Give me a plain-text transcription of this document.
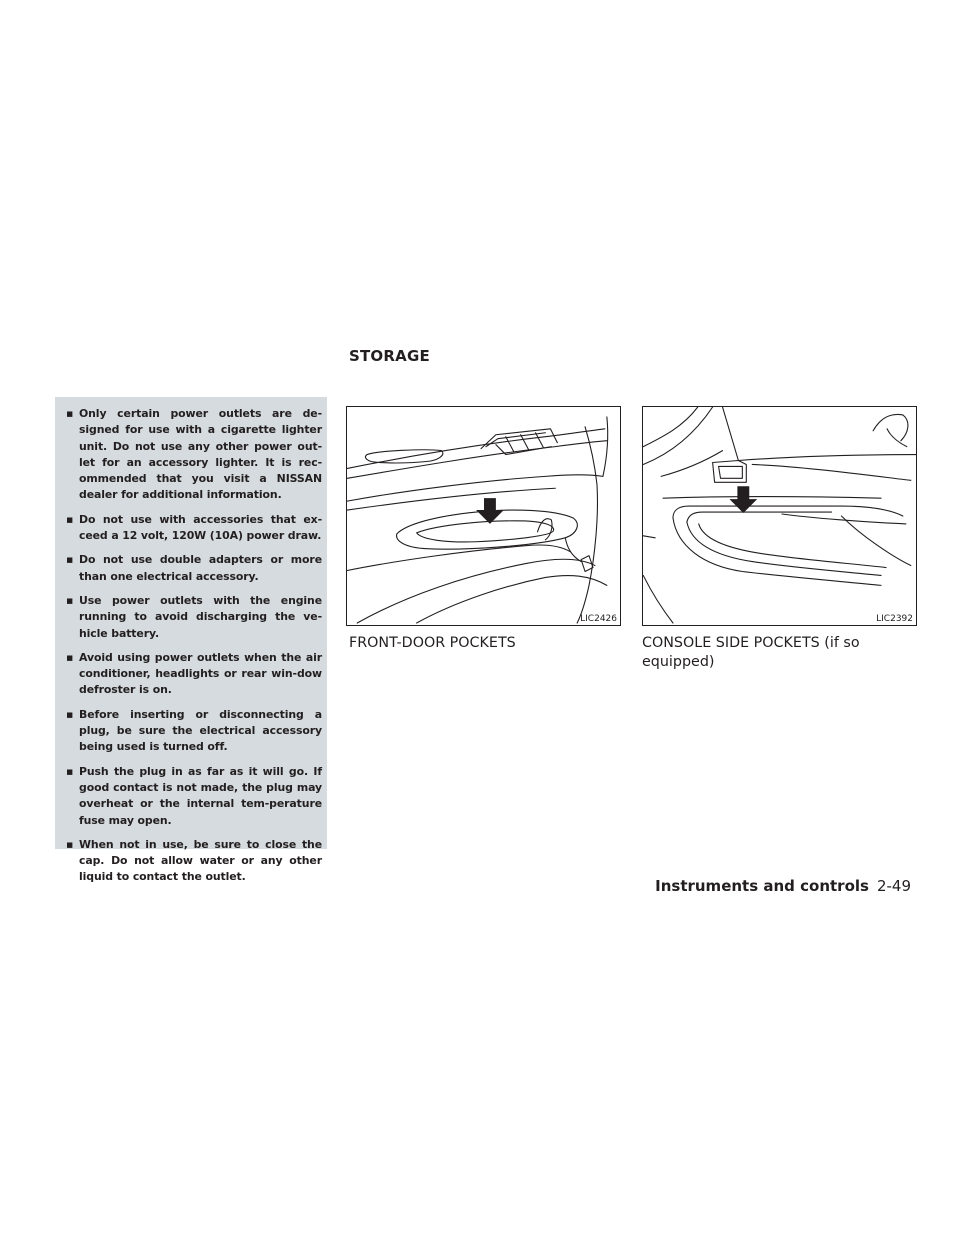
STORAGE
▪ Only certain power outlets are de-signed for use with a cigarette lighter unit. Do not use any other power out-let for an accessory lighter. It is rec-ommended that you visit a NISSAN dealer for additional information.
▪ Do not use with accessories that ex-ceed a 12 volt, 120W (10A) power draw.
▪ Do not use double adapters or more than one electrical accessory.
▪ Use power outlets with the engine running to avoid discharging the ve-hicle battery.
▪ Avoid using power outlets when the air conditioner, headlights or rear win-dow defroster is on.
▪ Before inserting or disconnecting a plug, be sure the electrical accessory being used is turned off.
▪ Push the plug in as far as it will go. If good contact is not made, the plug may overheat or the internal tem-perature fuse may open.
▪ When not in use, be sure to close the cap. Do not allow water or any other liquid to contact the outlet.
LIC2426

FRONT-DOOR POCKETS

LIC2392

CONSOLE SIDE POCKETS (if so equipped)

Instruments and controls 2-49
